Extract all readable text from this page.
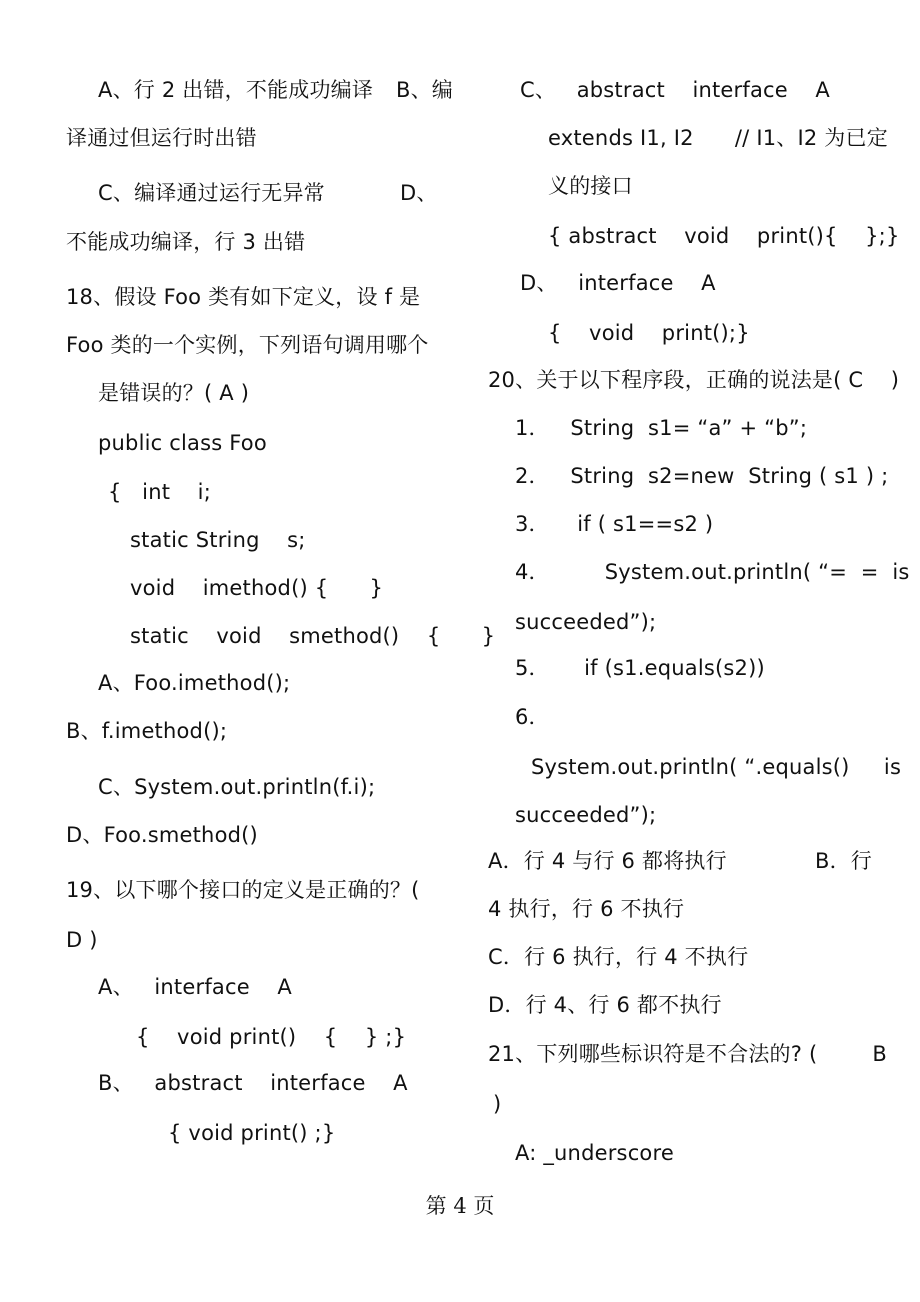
A、行 2 出错，不能成功编译 B、编
译通过但运行时出错
C、编译通过运行无异常	D、
不能成功编译，行 3 出错
18、假设 Foo 类有如下定义，设 f 是
Foo 类的一个实例，下列语句调用哪个
是错误的？( A )
public class Foo
{   int    i;
static String    s;
void    imethod() {      }
static    void    smethod()    {      }
A、Foo.imethod();
B、f.imethod();
C、System.out.println(f.i);
D、Foo.smethod()
19、以下哪个接口的定义是正确的？(
D )
A、   interface    A
{    void print()    {    } ;}
B、   abstract    interface    A
{ void print() ;}
C、   abstract    interface    A
extends I1, I2      // I1、I2 为已定
义的接口
{ abstract    void    print(){    };}
D、   interface    A
{    void    print();}
20、关于以下程序段，正确的说法是( C    )
1．   String  s1= “a” + “b”;
2．   String  s2=new  String ( s1 ) ;
3．    if ( s1==s2 )
4．        System.out.println( “=  =  is
succeeded”);
5．     if (s1.equals(s2))
6．
System.out.println( “.equals()     is
succeeded”);
A．行 4 与行 6 都将执行	B．行
4 执行，行 6 不执行
C．行 6 执行，行 4 不执行
D．行 4、行 6 都不执行
21、下列哪些标识符是不合法的? (        B
)
A: _underscore
第 4 页
